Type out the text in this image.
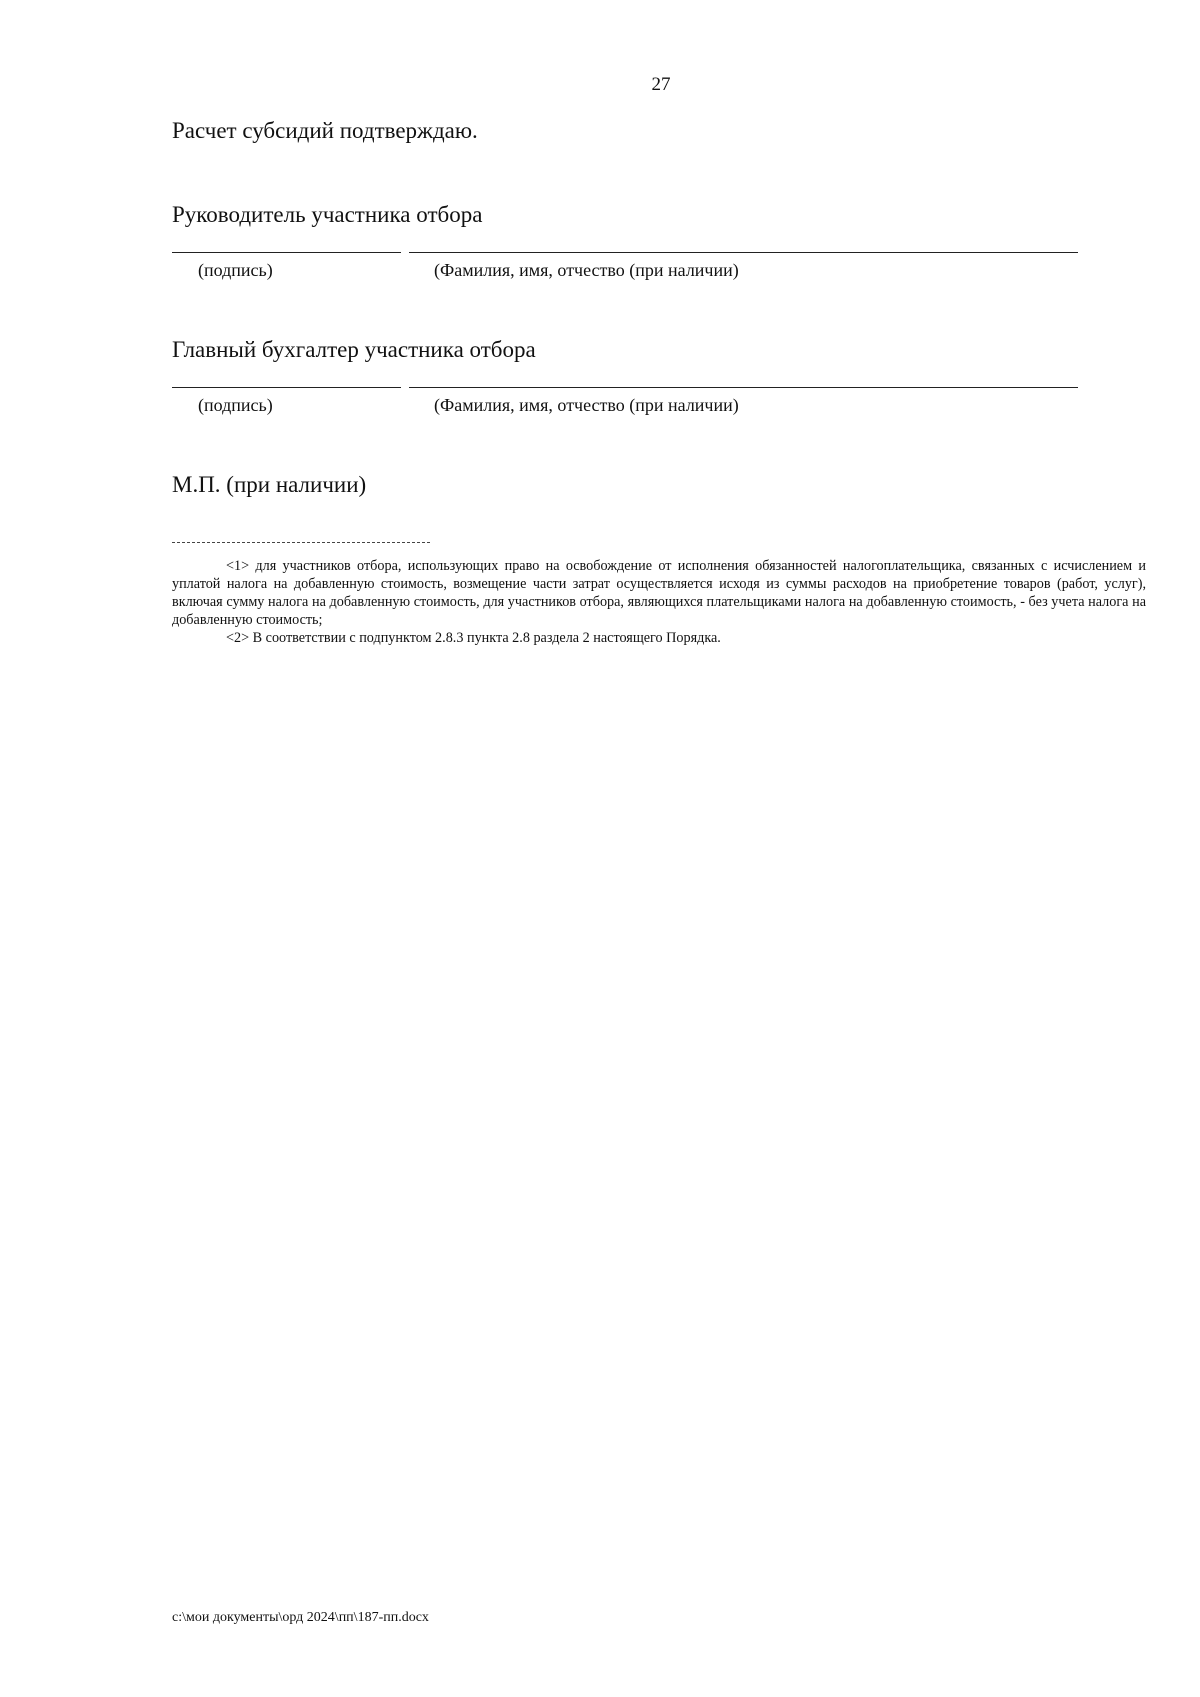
27
Расчет субсидий подтверждаю.
Руководитель участника отбора
(подпись)	(Фамилия, имя, отчество (при наличии)
Главный бухгалтер участника отбора
(подпись)	(Фамилия, имя, отчество (при наличии)
М.П. (при наличии)

<1> для участников отбора, использующих право на освобождение от исполнения обязанностей налогоплательщика, связанных с исчислением и уплатой налога на добавленную стоимость, возмещение части затрат осуществляется исходя из суммы расходов на приобретение товаров (работ, услуг), включая сумму налога на добавленную стоимость, для участников отбора, являющихся плательщиками налога на добавленную стоимость, - без учета налога на добавленную стоимость;

<2> В соответствии с подпунктом 2.8.3 пункта 2.8 раздела 2 настоящего Порядка.

c:\мои документы\орд 2024\пп\187-пп.docx
